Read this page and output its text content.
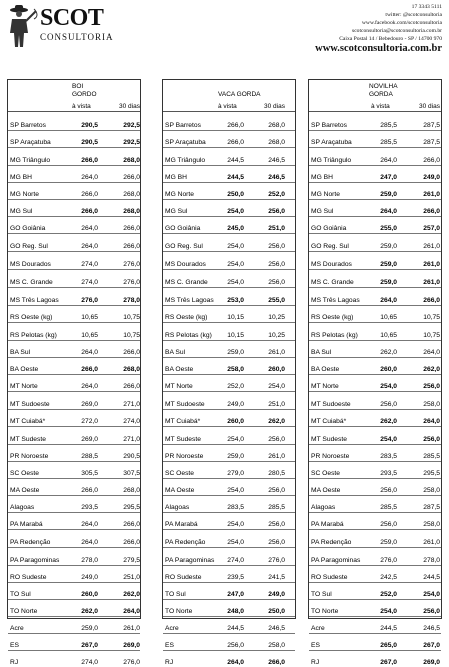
SCOT
CONSULTORIA
17 3343 5111
twitter: @scotconsultoria
www.facebook.com/scotconsultoria
scotconsultoria@scotconsultoria.com.br
Caixa Postal 14 / Bebedouro - SP / 14700 970
www.scotconsultoria.com.br
BOI
GORDO
à vista	30 dias
SP Barretos	290,5	292,5
SP Araçatuba	290,5	292,5
MG Triângulo	266,0	268,0
MG BH	264,0	266,0
MG Norte	266,0	268,0
MG Sul	266,0	268,0
GO Goiânia	264,0	266,0
GO Reg. Sul	264,0	266,0
MS Dourados	274,0	276,0
MS C. Grande	274,0	276,0
MS Três Lagoas	276,0	278,0
RS Oeste (kg)	10,65	10,75
RS Pelotas (kg)	10,65	10,75
BA Sul	264,0	266,0
BA Oeste	266,0	268,0
MT Norte	264,0	266,0
MT Sudoeste	269,0	271,0
MT Cuiabá*	272,0	274,0
MT Sudeste	269,0	271,0
PR Noroeste	288,5	290,5
SC Oeste	305,5	307,5
MA Oeste	266,0	268,0
Alagoas	293,5	295,5
PA Marabá	264,0	266,0
PA Redenção	264,0	266,0
PA Paragominas	278,0	279,5
RO Sudeste	249,0	251,0
TO Sul	260,0	262,0
TO Norte	262,0	264,0
Acre	259,0	261,0
ES	267,0	269,0
RJ	274,0	276,0
VACA GORDA
à vista	30 dias
SP Barretos	266,0	268,0
SP Araçatuba	266,0	268,0
MG Triângulo	244,5	246,5
MG BH	244,5	246,5
MG Norte	250,0	252,0
MG Sul	254,0	256,0
GO Goiânia	245,0	251,0
GO Reg. Sul	254,0	256,0
MS Dourados	254,0	256,0
MS C. Grande	254,0	256,0
MS Três Lagoas	253,0	255,0
RS Oeste (kg)	10,15	10,25
RS Pelotas (kg)	10,15	10,25
BA Sul	259,0	261,0
BA Oeste	258,0	260,0
MT Norte	252,0	254,0
MT Sudoeste	249,0	251,0
MT Cuiabá*	260,0	262,0
MT Sudeste	254,0	256,0
PR Noroeste	259,0	261,0
SC Oeste	279,0	280,5
MA Oeste	254,0	256,0
Alagoas	283,5	285,5
PA Marabá	254,0	256,0
PA Redenção	254,0	256,0
PA Paragominas	274,0	276,0
RO Sudeste	239,5	241,5
TO Sul	247,0	249,0
TO Norte	248,0	250,0
Acre	244,5	246,5
ES	256,0	258,0
RJ	264,0	266,0
NOVILHA
GORDA
à vista	30 dias
SP Barretos	285,5	287,5
SP Araçatuba	285,5	287,5
MG Triângulo	264,0	266,0
MG BH	247,0	249,0
MG Norte	259,0	261,0
MG Sul	264,0	266,0
GO Goiânia	255,0	257,0
GO Reg. Sul	259,0	261,0
MS Dourados	259,0	261,0
MS C. Grande	259,0	261,0
MS Três Lagoas	264,0	266,0
RS Oeste (kg)	10,65	10,75
RS Pelotas (kg)	10,65	10,75
BA Sul	262,0	264,0
BA Oeste	260,0	262,0
MT Norte	254,0	256,0
MT Sudoeste	256,0	258,0
MT Cuiabá*	262,0	264,0
MT Sudeste	254,0	256,0
PR Noroeste	283,5	285,5
SC Oeste	293,5	295,5
MA Oeste	256,0	258,0
Alagoas	285,5	287,5
PA Marabá	256,0	258,0
PA Redenção	259,0	261,0
PA Paragominas	276,0	278,0
RO Sudeste	242,5	244,5
TO Sul	252,0	254,0
TO Norte	254,0	256,0
Acre	244,5	246,5
ES	265,0	267,0
RJ	267,0	269,0
